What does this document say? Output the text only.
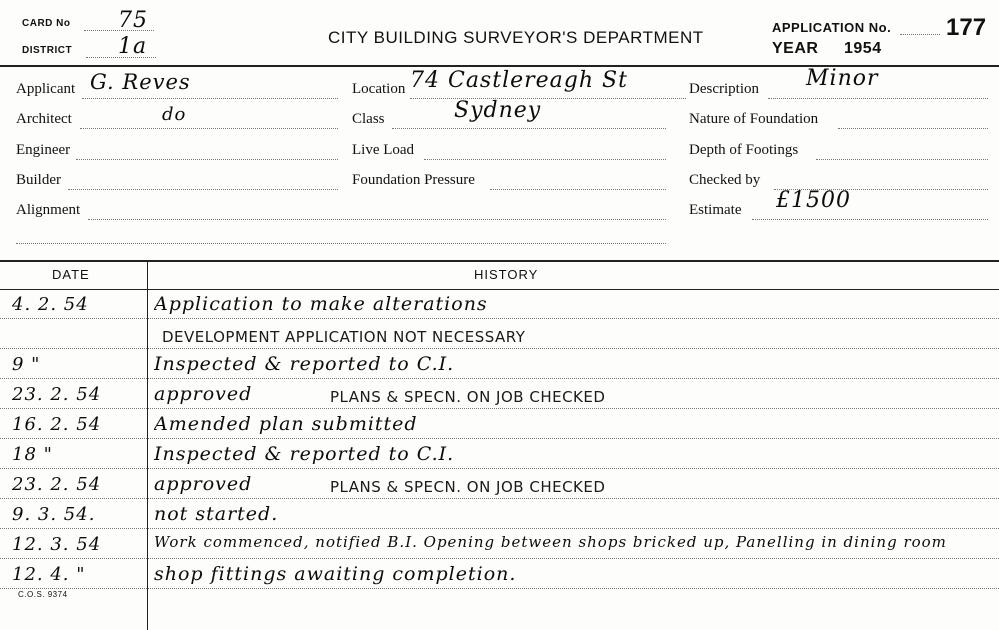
CARD No 75
DISTRICT 1a	CITY BUILDING SURVEYOR'S DEPARTMENT
APPLICATION No. 177
YEAR 1954
Applicant G. Reves
Architect	do
Engineer
Builder
Alignment
Location 74 Castlereagh St
Class	Sydney
Live Load
Foundation Pressure
Description Minor
Nature of Foundation
Depth of Footings
Checked by
Estimate £1500
DATE	HISTORY
4. 2. 54	Application to make alterations
DEVELOPMENT APPLICATION NOT NECESSARY
9 "	Inspected & reported to C.I.
23. 2. 54	approved	PLANS & SPECN. ON JOB CHECKED
16. 2. 54	Amended plan submitted
18 "	Inspected & reported to C.I.
23. 2. 54	approved	PLANS & SPECN. ON JOB CHECKED
9. 3. 54.	not started.
12. 3. 54	Work commenced, notified B.I. Opening between shops bricked up, Panelling in dining room
12. 4. "	shop fittings awaiting completion.
C.O.S. 9374
